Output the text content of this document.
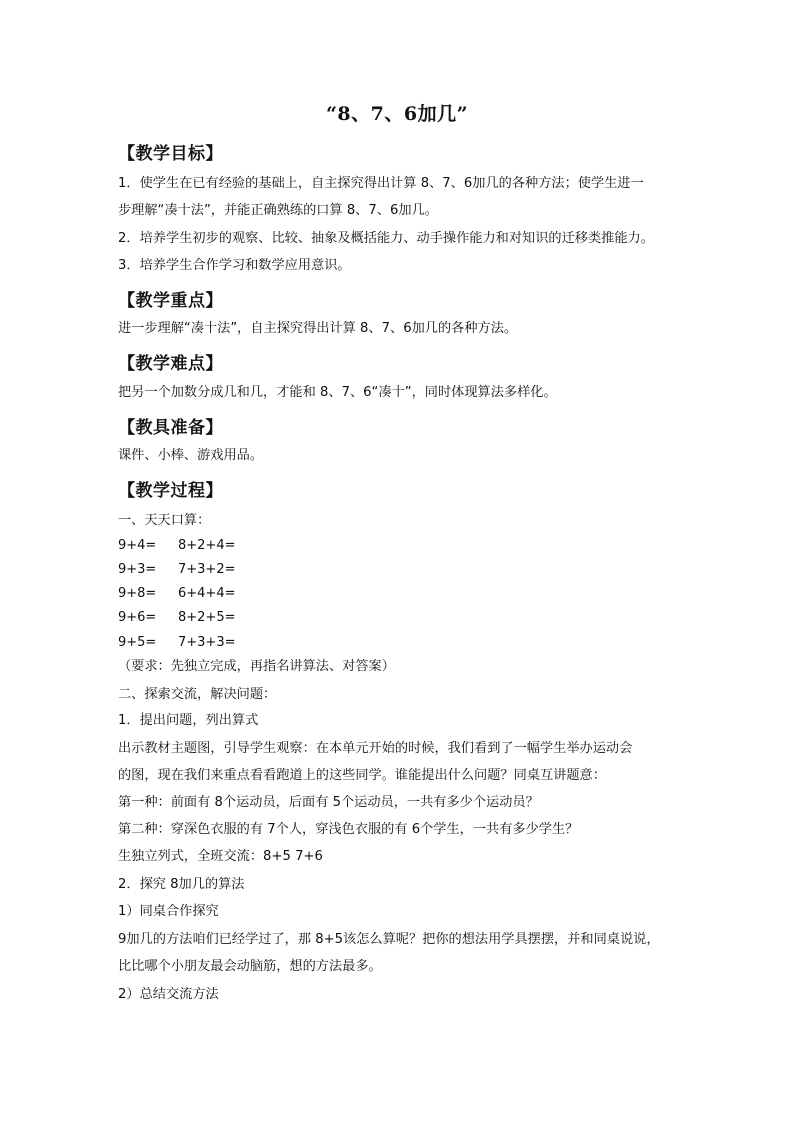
“8、7、6加几”
【教学目标】
1．使学生在已有经验的基础上，自主探究得出计算 8、7、6加几的各种方法；使学生进一
步理解“凑十法”，并能正确熟练的口算 8、7、6加几。
2．培养学生初步的观察、比较、抽象及概括能力、动手操作能力和对知识的迁移类推能力。
3．培养学生合作学习和数学应用意识。
【教学重点】
进一步理解“凑十法”，自主探究得出计算 8、7、6加几的各种方法。
【教学难点】
把另一个加数分成几和几，才能和 8、7、6“凑十”，同时体现算法多样化。
【教具准备】
课件、小棒、游戏用品。
【教学过程】
一、天天口算：
9+4= 8+2+4=
9+3= 7+3+2=
9+8= 6+4+4=
9+6= 8+2+5=
9+5= 7+3+3=
（要求：先独立完成，再指名讲算法、对答案）
二、探索交流，解决问题：
1．提出问题，列出算式
出示教材主题图，引导学生观察：在本单元开始的时候，我们看到了一幅学生举办运动会
的图，现在我们来重点看看跑道上的这些同学。谁能提出什么问题？同桌互讲题意：
第一种：前面有 8个运动员，后面有 5个运动员，一共有多少个运动员？
第二种：穿深色衣服的有 7个人，穿浅色衣服的有 6个学生，一共有多少学生？
生独立列式，全班交流：8+5 7+6
2．探究 8加几的算法
1）同桌合作探究
9加几的方法咱们已经学过了，那 8+5该怎么算呢？把你的想法用学具摆摆，并和同桌说说，
比比哪个小朋友最会动脑筋，想的方法最多。
2）总结交流方法
